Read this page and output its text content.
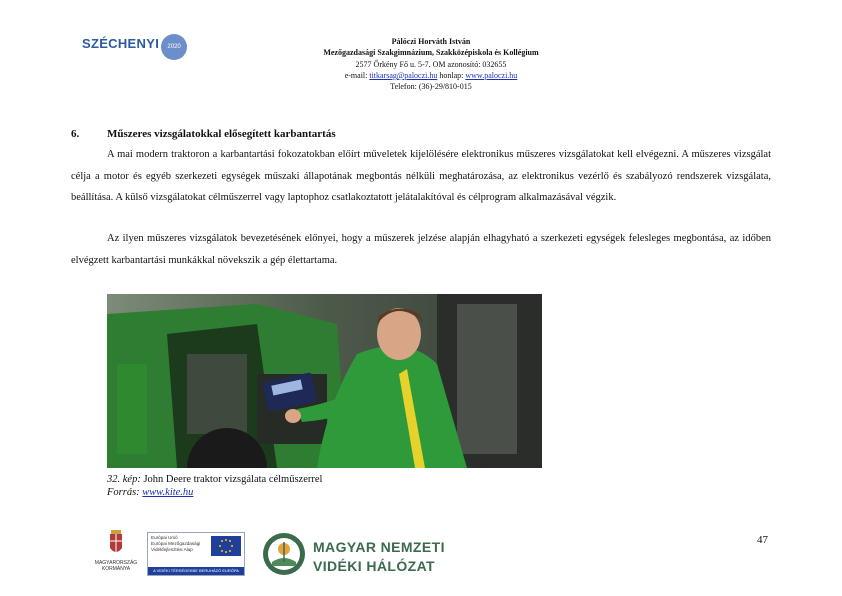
SZÉCHENYI	2020
Pálóczi Horváth István
Mezőgazdasági Szakgimnázium, Szakközépiskola és Kollégium
2577 Őrkény Fő u. 5-7. OM azonosító: 032655
e-mail: titkarsag@paloczi.hu honlap: www.paloczi.hu
Telefon: (36)-29/810-015
6.	Műszeres vizsgálatokkal elősegített karbantartás
A mai modern traktoron a karbantartási fokozatokban előírt műveletek kijelölésére elektronikus műszeres vizsgálatokat kell elvégezni. A műszeres vizsgálat célja a motor és egyéb szerkezeti egységek műszaki állapotának megbontás nélküli meghatározása, az elektronikus vezérlő és szabályozó rendszerek vizsgálata, beállítása. A külső vizsgálatokat célműszerrel vagy laptophoz csatlakoztatott jelátalakítóval és célprogram alkalmazásával végzik.
Az ilyen műszeres vizsgálatok bevezetésének előnyei, hogy a műszerek jelzése alapján elhagyható a szerkezeti egységek felesleges megbontása, az időben elvégzett karbantartási munkákkal növekszik a gép élettartama.
32. kép: John Deere traktor vizsgálata célműszerrel
Forrás: www.kite.hu
MAGYARORSZÁG
KORMÁNYA
Európai Unió
Európai Mezőgazdasági
Vidékfejlesztési Alap
A VIDÉKI TÉRSÉGEKBE BERUHÁZÓ EURÓPA
MAGYAR NEMZETI
VIDÉKI HÁLÓZAT
47
